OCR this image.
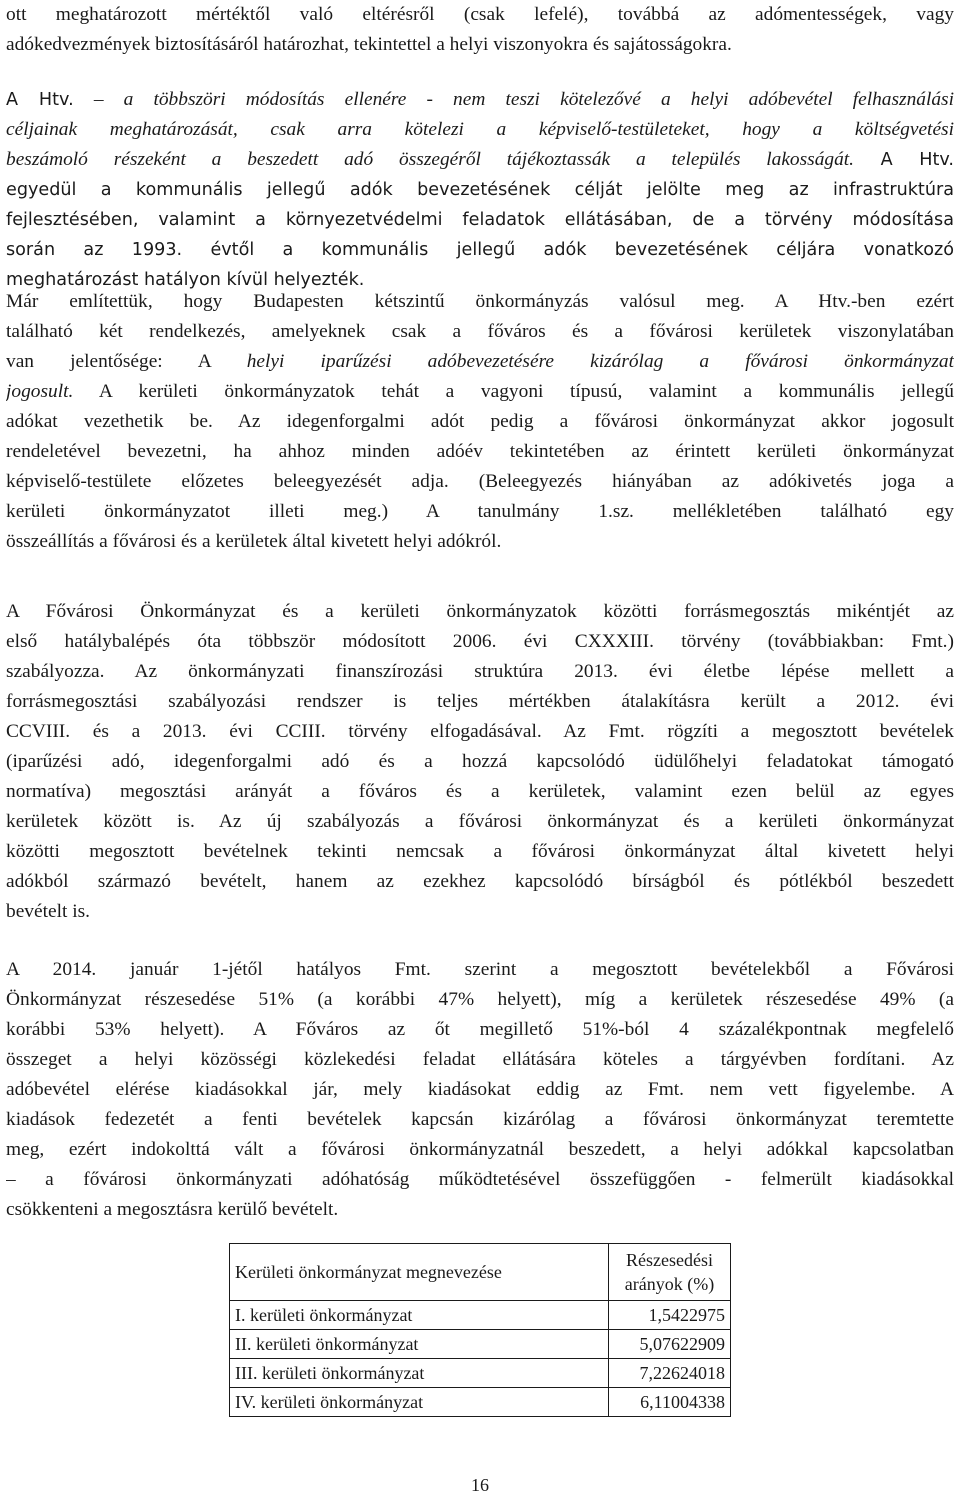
ott meghatározott mértéktől való eltérésről (csak lefelé), továbbá az adómentességek, vagy
adókedvezmények biztosításáról határozhat, tekintettel a helyi viszonyokra és sajátosságokra.
A Htv. – a többszöri módosítás ellenére - nem teszi kötelezővé a helyi adóbevétel felhasználási
céljainak meghatározását, csak arra kötelezi a képviselő-testületeket, hogy a költségvetési
beszámoló részeként a beszedett adó összegéről tájékoztassák a település lakosságát. A Htv.
egyedül a kommunális jellegű adók bevezetésének célját jelölte meg az infrastruktúra
fejlesztésében, valamint a környezetvédelmi feladatok ellátásában, de a törvény módosítása
során az 1993. évtől a kommunális jellegű adók bevezetésének céljára vonatkozó
meghatározást hatályon kívül helyezték.
Már említettük, hogy Budapesten kétszintű önkormányzás valósul meg. A Htv.-ben ezért
található két rendelkezés, amelyeknek csak a főváros és a fővárosi kerületek viszonylatában
van jelentősége: A helyi iparűzési adóbevezetésére kizárólag a fővárosi önkormányzat
jogosult. A kerületi önkormányzatok tehát a vagyoni típusú, valamint a kommunális jellegű
adókat vezethetik be. Az idegenforgalmi adót pedig a fővárosi önkormányzat akkor jogosult
rendeletével bevezetni, ha ahhoz minden adóév tekintetében az érintett kerületi önkormányzat
képviselő-testülete előzetes beleegyezését adja. (Beleegyezés hiányában az adókivetés joga a
kerületi önkormányzatot illeti meg.) A tanulmány 1.sz. mellékletében található egy
összeállítás a fővárosi és a kerületek által kivetett helyi adókról.
A Fővárosi Önkormányzat és a kerületi önkormányzatok közötti forrásmegosztás mikéntjét az
első hatálybalépés óta többször módosított 2006. évi CXXXIII. törvény (továbbiakban: Fmt.)
szabályozza. Az önkormányzati finanszírozási struktúra 2013. évi életbe lépése mellett a
forrásmegosztási szabályozási rendszer is teljes mértékben átalakításra került a 2012. évi
CCVIII. és a 2013. évi CCIII. törvény elfogadásával. Az Fmt. rögzíti a megosztott bevételek
(iparűzési adó, idegenforgalmi adó és a hozzá kapcsolódó üdülőhelyi feladatokat támogató
normatíva) megosztási arányát a főváros és a kerületek, valamint ezen belül az egyes
kerületek között is. Az új szabályozás a fővárosi önkormányzat és a kerületi önkormányzat
közötti megosztott bevételnek tekinti nemcsak a fővárosi önkormányzat által kivetett helyi
adókból származó bevételt, hanem az ezekhez kapcsolódó bírságból és pótlékból beszedett
bevételt is.
A 2014. január 1-jétől hatályos Fmt. szerint a megosztott bevételekből a Fővárosi
Önkormányzat részesedése 51% (a korábbi 47% helyett), míg a kerületek részesedése 49% (a
korábbi 53% helyett). A Főváros az őt megillető 51%-ból 4 százalékpontnak megfelelő
összeget a helyi közösségi közlekedési feladat ellátására köteles a tárgyévben fordítani. Az
adóbevétel elérése kiadásokkal jár, mely kiadásokat eddig az Fmt. nem vett figyelembe. A
kiadások fedezetét a fenti bevételek kapcsán kizárólag a fővárosi önkormányzat teremtette
meg, ezért indokolttá vált a fővárosi önkormányzatnál beszedett, a helyi adókkal kapcsolatban
– a fővárosi önkormányzati adóhatóság működtetésével összefüggően - felmerült kiadásokkal
csökkenteni a megosztásra kerülő bevételt.
Kerületi önkormányzat megnevezése	Részesedési arányok (%)
I. kerületi önkormányzat	1,5422975
II. kerületi önkormányzat	5,07622909
III. kerületi önkormányzat	7,22624018
IV. kerületi önkormányzat	6,11004338
16
